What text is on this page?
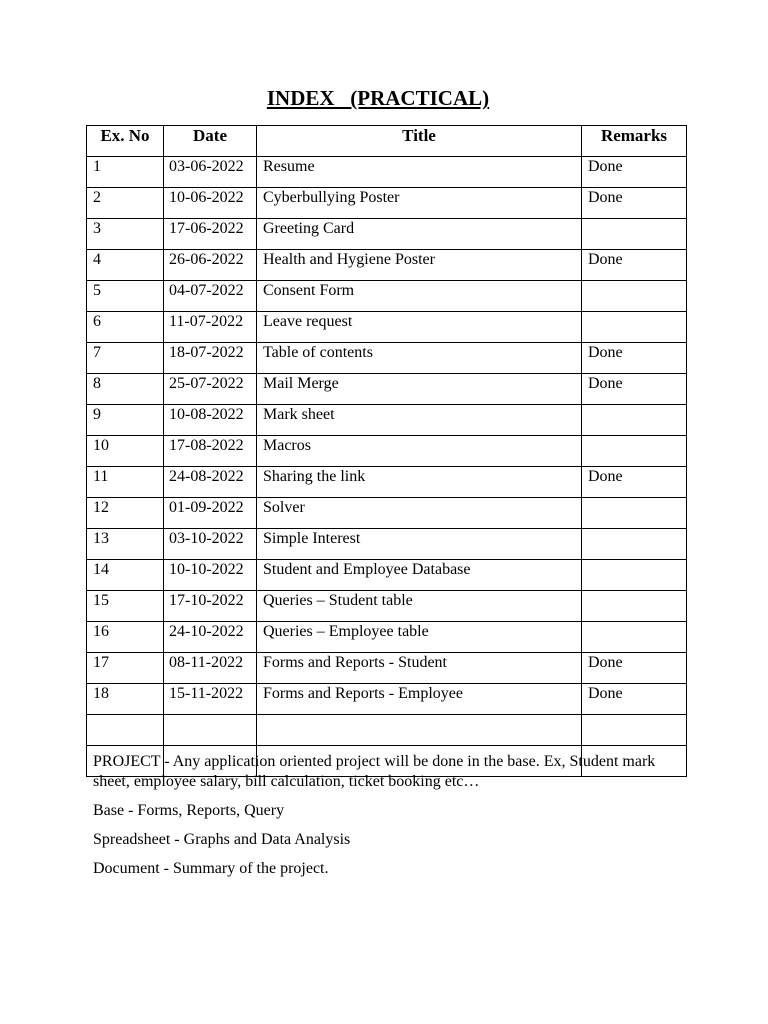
INDEX   (PRACTICAL)
Ex. No	Date	Title	Remarks
1	03-06-2022	Resume	Done
2	10-06-2022	Cyberbullying Poster	Done
3	17-06-2022	Greeting Card	
4	26-06-2022	Health and Hygiene Poster	Done
5	04-07-2022	Consent Form	
6	11-07-2022	Leave request	
7	18-07-2022	Table of contents	Done
8	25-07-2022	Mail Merge	Done
9	10-08-2022	Mark sheet	
10	17-08-2022	Macros	
11	24-08-2022	Sharing the link	Done
12	01-09-2022	Solver	
13	03-10-2022	Simple Interest	
14	10-10-2022	Student and Employee Database	
15	17-10-2022	Queries – Student table	
16	24-10-2022	Queries – Employee table	
17	08-11-2022	Forms and Reports - Student	Done
18	15-11-2022	Forms and Reports - Employee	Done

PROJECT - Any application oriented project will be done in the base. Ex, Student mark sheet, employee salary, bill calculation, ticket booking etc…

Base - Forms, Reports, Query

Spreadsheet - Graphs and Data Analysis

Document - Summary of the project.
